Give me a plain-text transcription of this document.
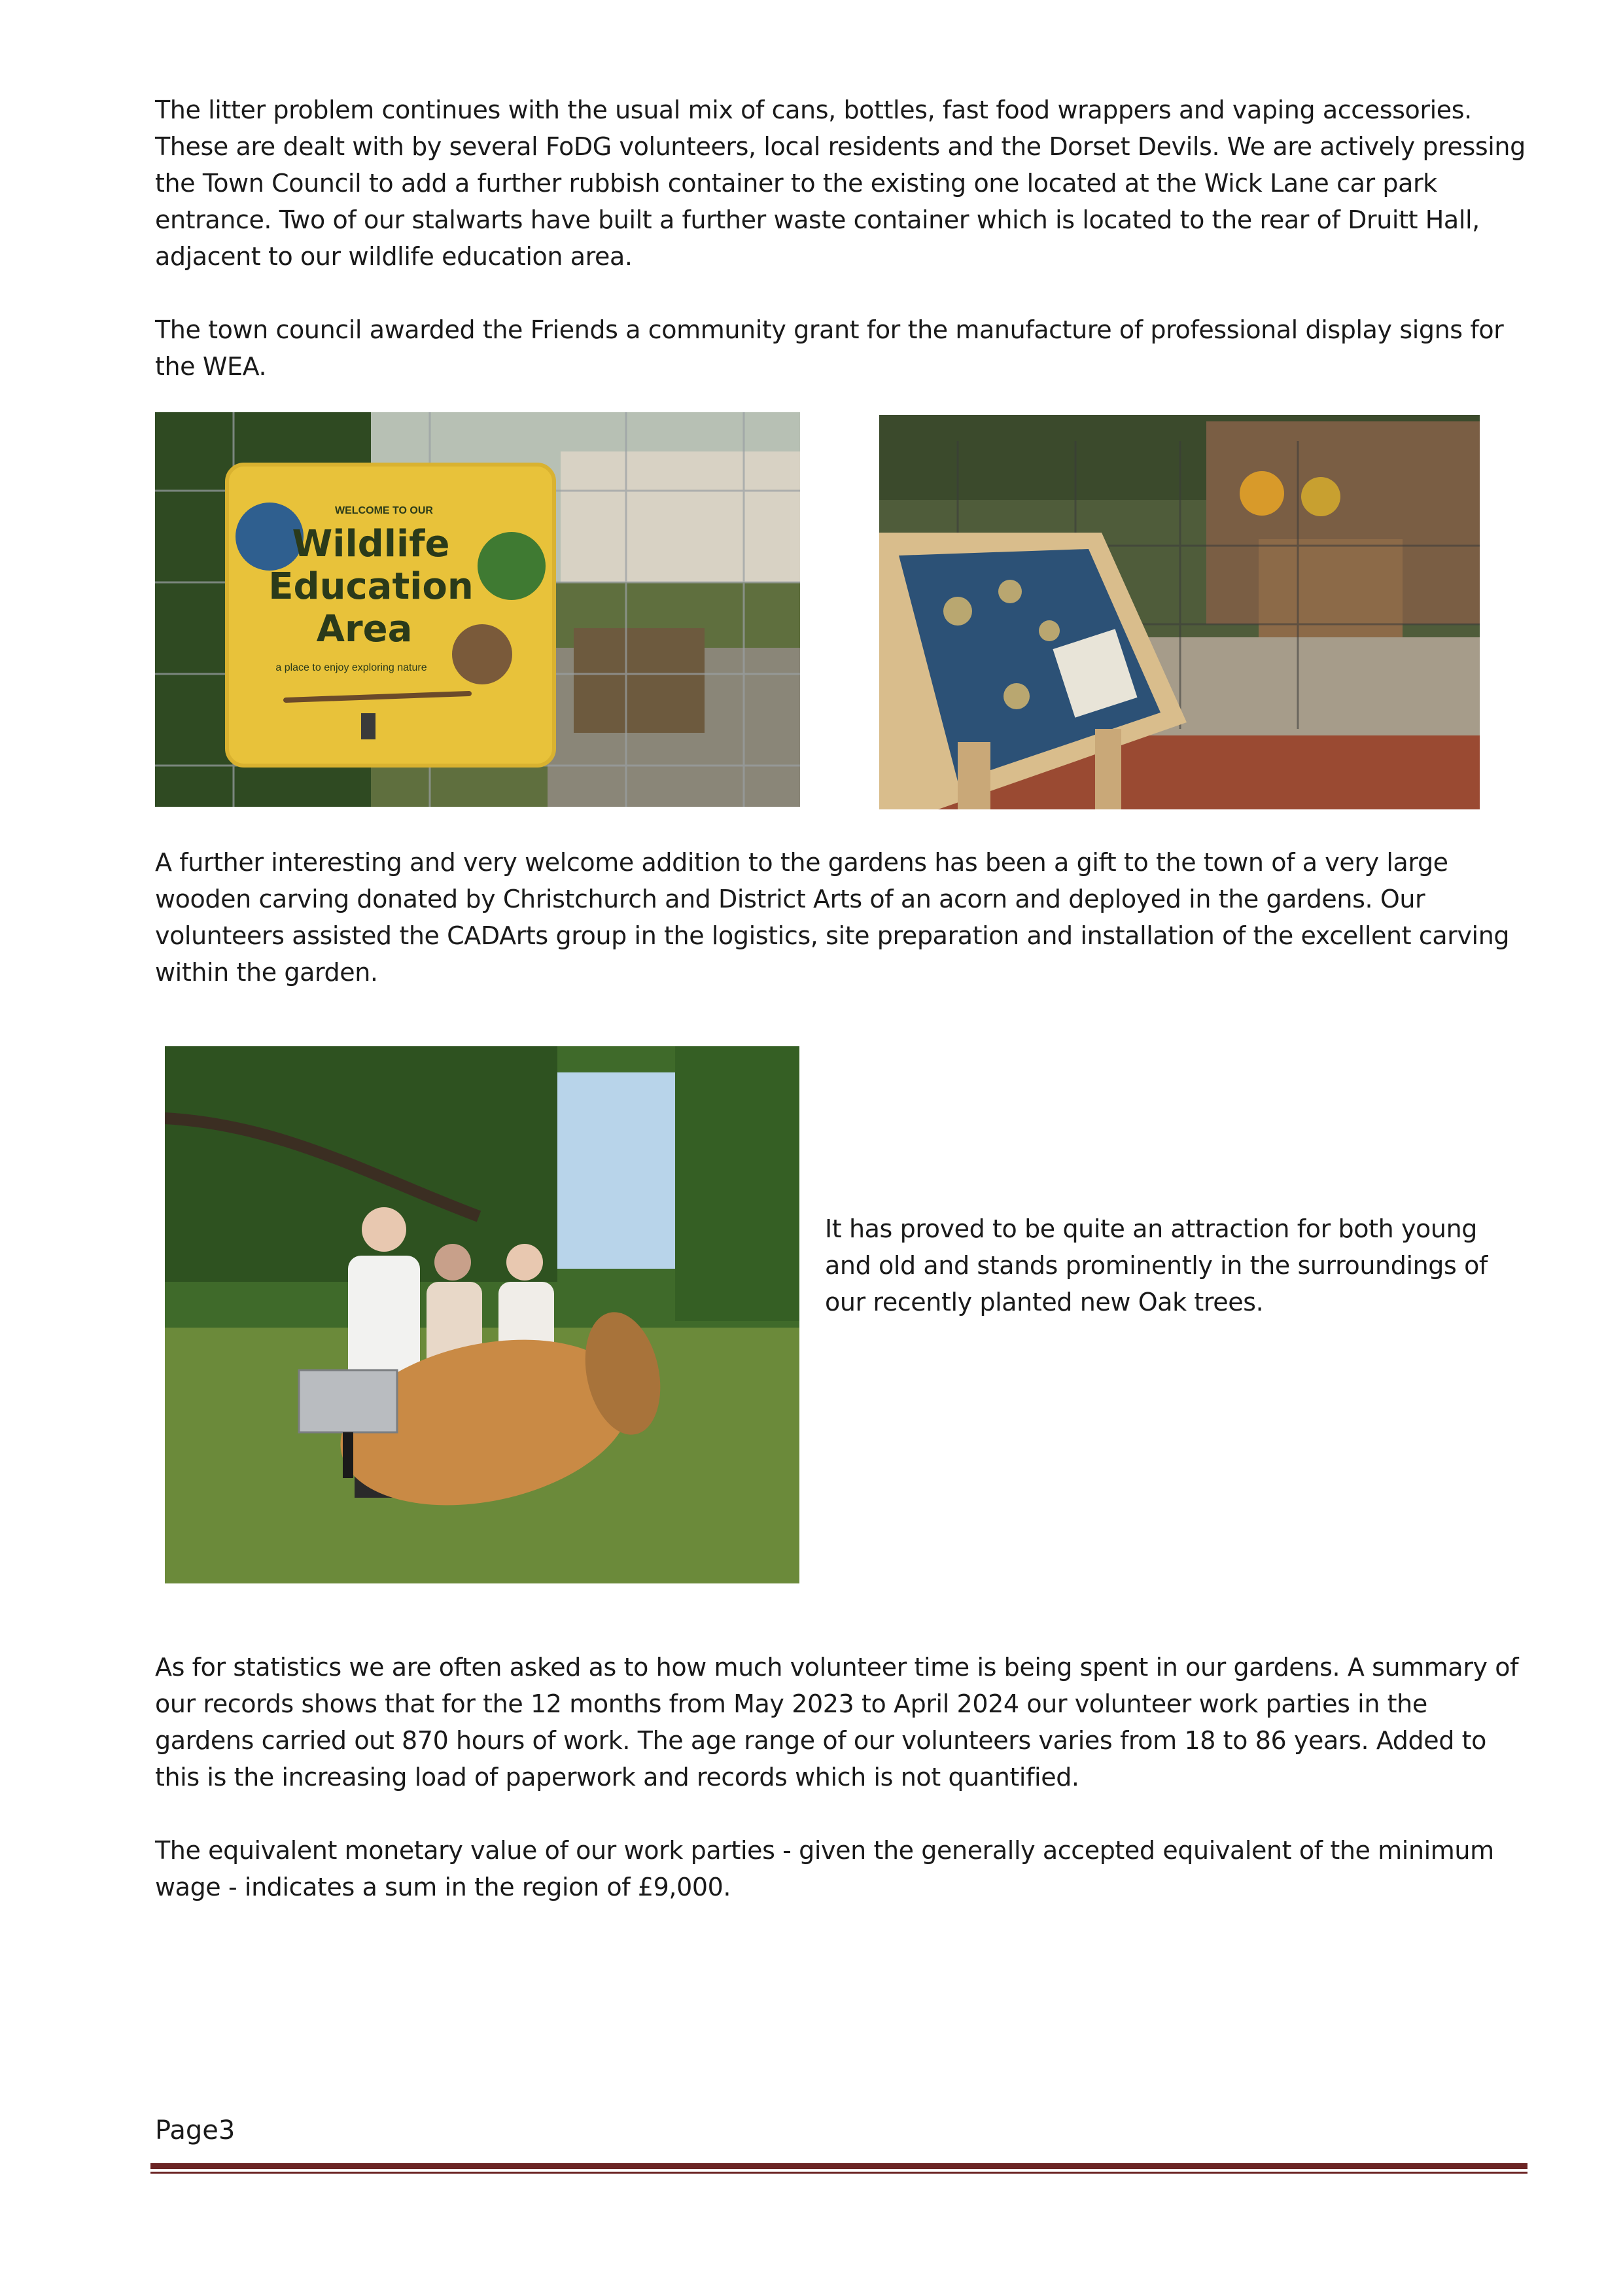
The litter problem continues with the usual mix of cans, bottles, fast food wrappers and vaping accessories. These are dealt with by several FoDG volunteers, local residents and the Dorset Devils. We are actively pressing the Town Council to add a further rubbish container to the existing one located at the Wick Lane car park entrance. Two of our stalwarts have built a further waste container which is located to the rear of Druitt Hall, adjacent to our wildlife education area.

The town council awarded the Friends a community grant for the manufacture of professional display signs for the WEA.

WELCOME TO OUR
Wildlife
Education
Area
a place to enjoy exploring nature

A further interesting and very welcome addition to the gardens has been a gift to the town of a very large wooden carving donated by Christchurch and District Arts of an acorn and deployed in the gardens. Our volunteers assisted the CADArts group in the logistics, site preparation and installation of the excellent carving within the garden.

It has proved to be quite an attraction for both young and old and stands prominently in the surroundings of our recently planted new Oak trees.

As for statistics we are often asked as to how much volunteer time is being spent in our gardens. A summary of our records shows that for the 12 months from May 2023 to April 2024 our volunteer work parties in the gardens carried out 870 hours of work. The age range of our volunteers varies from 18 to 86 years. Added to this is the increasing load of paperwork and records which is not quantified.

The equivalent monetary value of our work parties - given the generally accepted equivalent of the minimum wage - indicates a sum in the region of £9,000.

Page3
